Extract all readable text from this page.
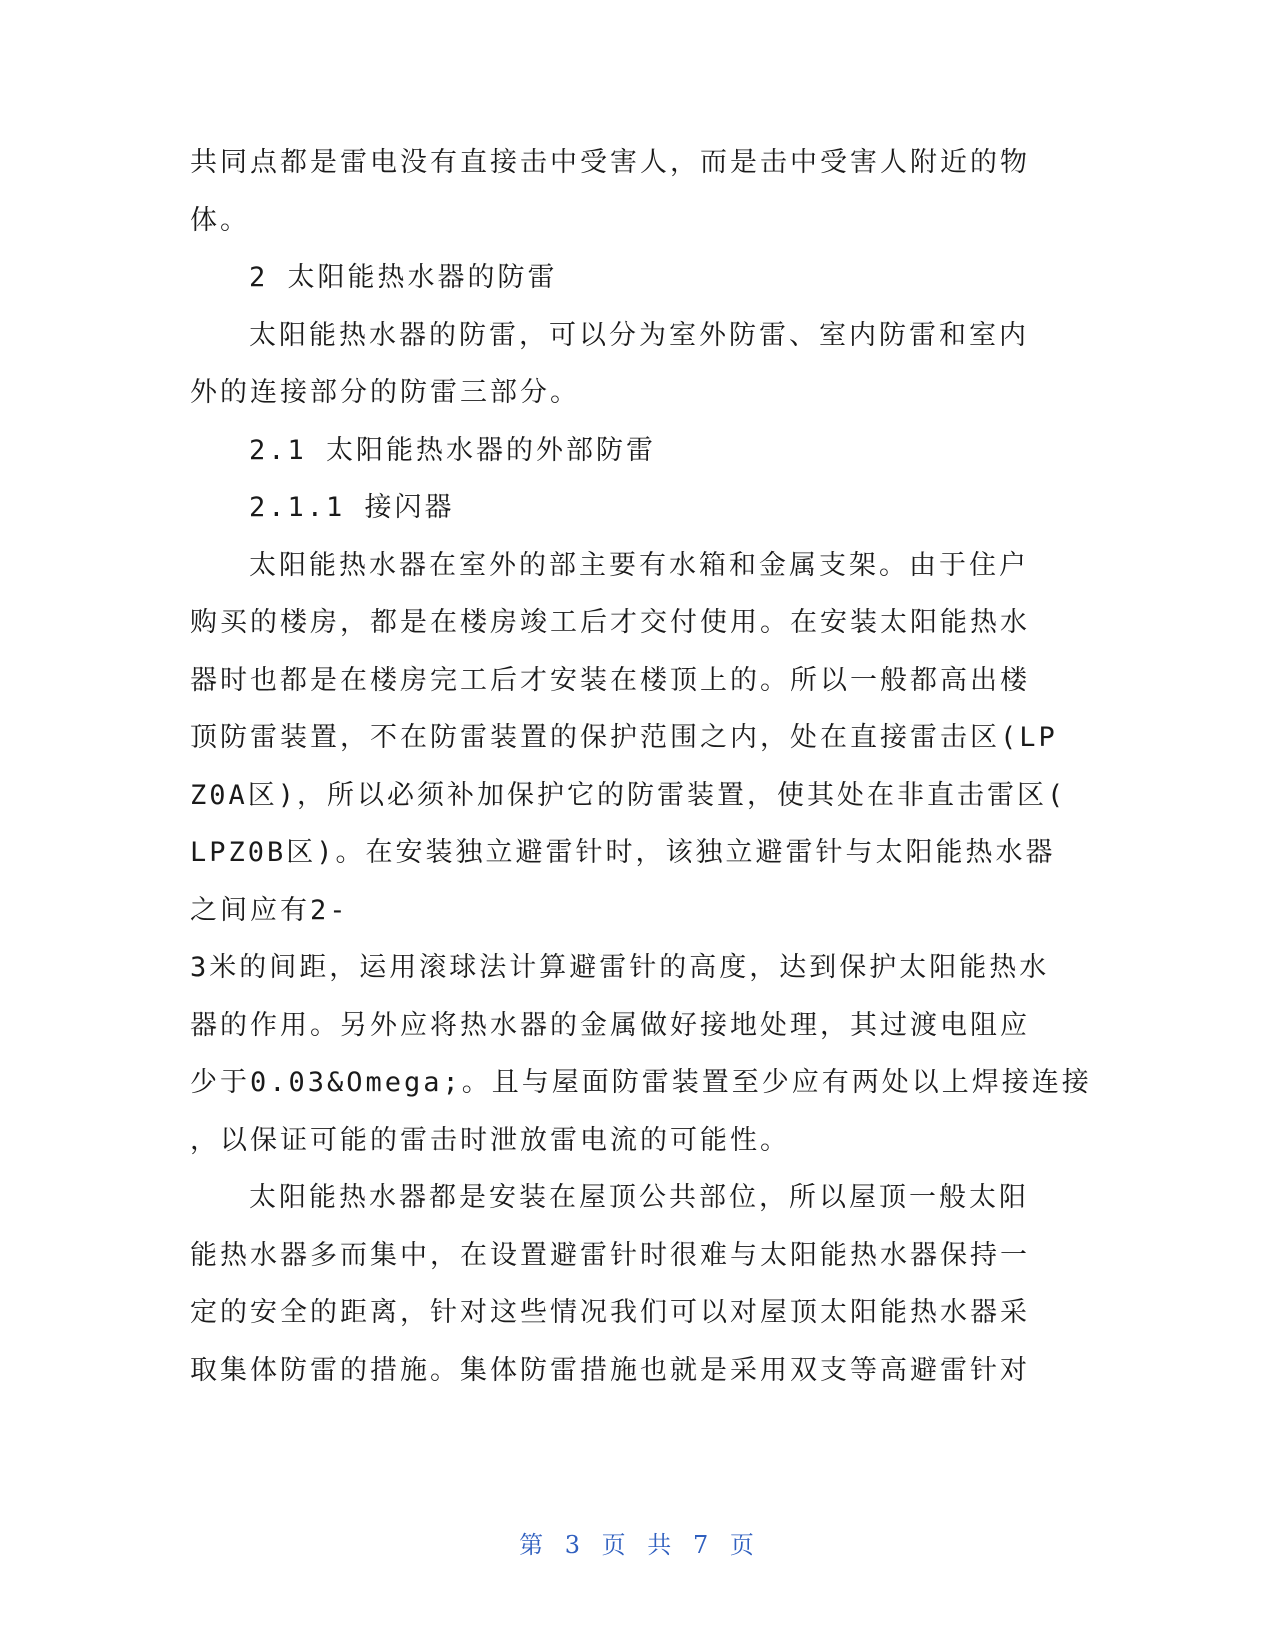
共同点都是雷电没有直接击中受害人，而是击中受害人附近的物
体。
2 太阳能热水器的防雷
太阳能热水器的防雷，可以分为室外防雷、室内防雷和室内
外的连接部分的防雷三部分。
2.1 太阳能热水器的外部防雷
2.1.1 接闪器
太阳能热水器在室外的部主要有水箱和金属支架。由于住户
购买的楼房，都是在楼房竣工后才交付使用。在安装太阳能热水
器时也都是在楼房完工后才安装在楼顶上的。所以一般都高出楼
顶防雷装置，不在防雷装置的保护范围之内，处在直接雷击区(LP
Z0A区)，所以必须补加保护它的防雷装置，使其处在非直击雷区(
LPZ0B区)。在安装独立避雷针时，该独立避雷针与太阳能热水器
之间应有2-
3米的间距，运用滚球法计算避雷针的高度，达到保护太阳能热水
器的作用。另外应将热水器的金属做好接地处理，其过渡电阻应
少于0.03&Omega;。且与屋面防雷装置至少应有两处以上焊接连接
，以保证可能的雷击时泄放雷电流的可能性。
太阳能热水器都是安装在屋顶公共部位，所以屋顶一般太阳
能热水器多而集中，在设置避雷针时很难与太阳能热水器保持一
定的安全的距离，针对这些情况我们可以对屋顶太阳能热水器采
取集体防雷的措施。集体防雷措施也就是采用双支等高避雷针对
第 3 页 共 7 页
